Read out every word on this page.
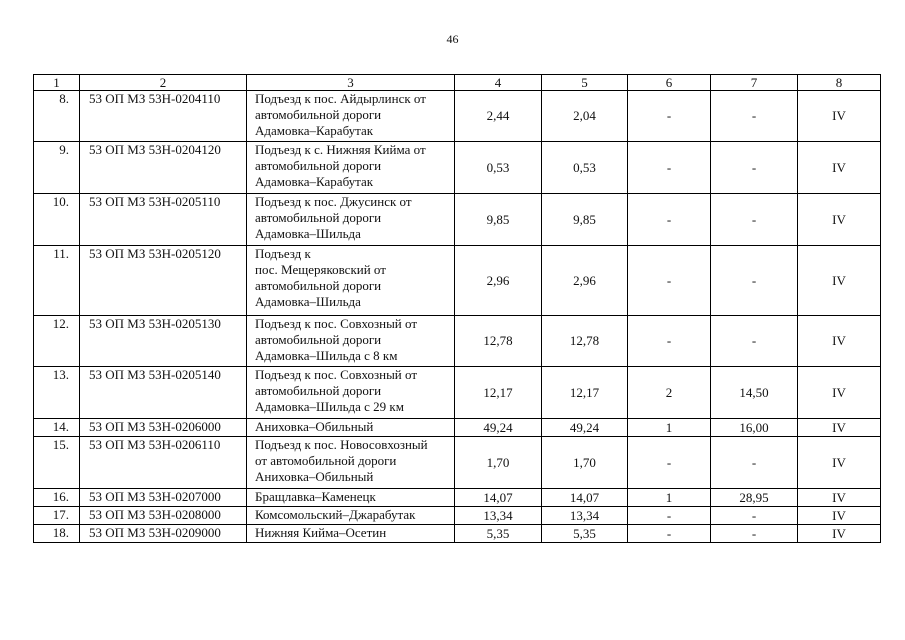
46
1	2	3	4	5	6	7	8
8.	53 ОП МЗ 53Н-0204110	Подъезд к пос. Айдырлинск от
автомобильной дороги
Адамовка–Карабутак	2,44	2,04	-	-	IV
9.	53 ОП МЗ 53Н-0204120	Подъезд к с. Нижняя Кийма от
автомобильной дороги
Адамовка–Карабутак	0,53	0,53	-	-	IV
10.	53 ОП МЗ 53Н-0205110	Подъезд к пос. Джусинск от
автомобильной дороги
Адамовка–Шильда	9,85	9,85	-	-	IV
11.	53 ОП МЗ 53Н-0205120	Подъезд к
пос. Мещеряковский от
автомобильной дороги
Адамовка–Шильда	2,96	2,96	-	-	IV
12.	53 ОП МЗ 53Н-0205130	Подъезд к пос. Совхозный от
автомобильной дороги
Адамовка–Шильда с 8 км	12,78	12,78	-	-	IV
13.	53 ОП МЗ 53Н-0205140	Подъезд к пос. Совхозный от
автомобильной дороги
Адамовка–Шильда с 29 км	12,17	12,17	2	14,50	IV
14.	53 ОП МЗ 53Н-0206000	Аниховка–Обильный	49,24	49,24	1	16,00	IV
15.	53 ОП МЗ 53Н-0206110	Подъезд к пос. Новосовхозный
от автомобильной дороги
Аниховка–Обильный	1,70	1,70	-	-	IV
16.	53 ОП МЗ 53Н-0207000	Бращлавка–Каменецк	14,07	14,07	1	28,95	IV
17.	53 ОП МЗ 53Н-0208000	Комсомольский–Джарабутак	13,34	13,34	-	-	IV
18.	53 ОП МЗ 53Н-0209000	Нижняя Кийма–Осетин	5,35	5,35	-	-	IV
